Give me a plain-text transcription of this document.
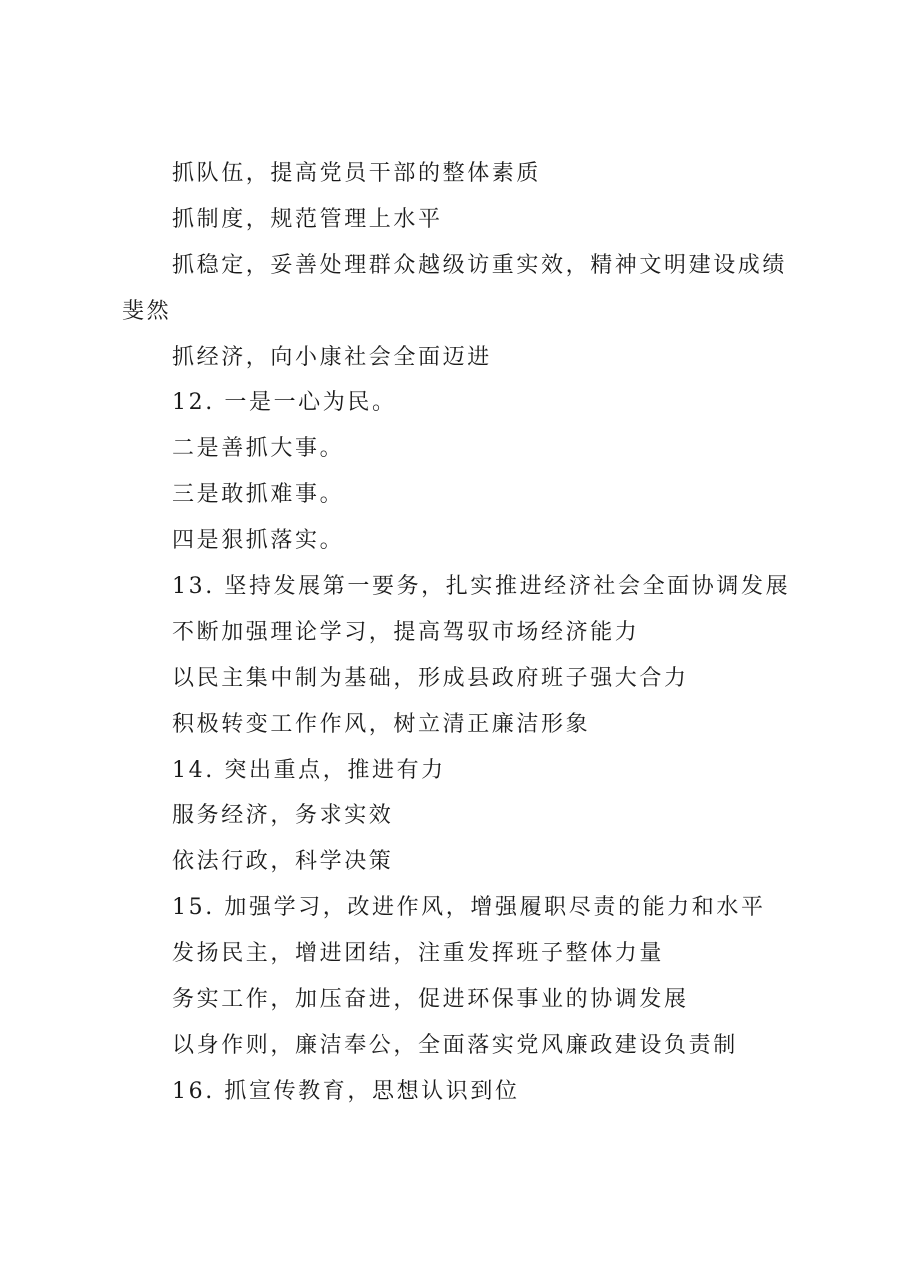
抓队伍，提高党员干部的整体素质
抓制度，规范管理上水平
抓稳定，妥善处理群众越级访重实效，精神文明建设成绩
斐然
抓经济，向小康社会全面迈进
12. 一是一心为民。
二是善抓大事。
三是敢抓难事。
四是狠抓落实。
13. 坚持发展第一要务，扎实推进经济社会全面协调发展
不断加强理论学习，提高驾驭市场经济能力
以民主集中制为基础，形成县政府班子强大合力
积极转变工作作风，树立清正廉洁形象
14. 突出重点，推进有力
服务经济，务求实效
依法行政，科学决策
15. 加强学习，改进作风，增强履职尽责的能力和水平
发扬民主，增进团结，注重发挥班子整体力量
务实工作，加压奋进，促进环保事业的协调发展
以身作则，廉洁奉公，全面落实党风廉政建设负责制
16. 抓宣传教育，思想认识到位
